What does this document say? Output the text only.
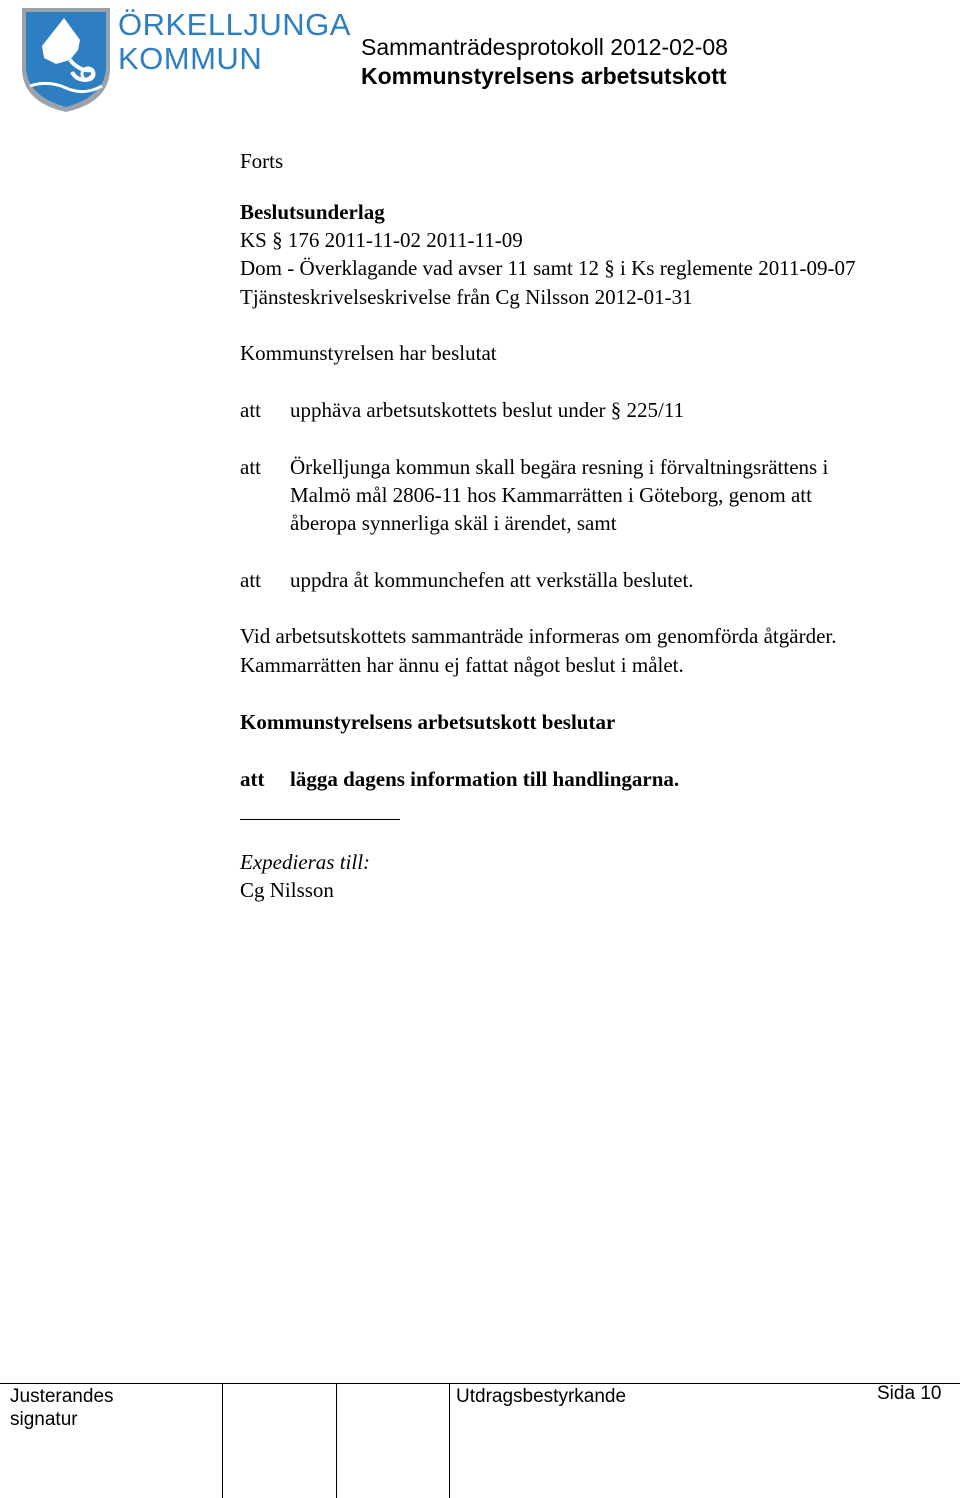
ÖRKELLJUNGA
KOMMUN	Sammanträdesprotokoll 2012-02-08
Kommunstyrelsens arbetsutskott
Forts
Beslutsunderlag
KS § 176 2011-11-02 2011-11-09
Dom - Överklagande vad avser 11 samt 12 § i Ks reglemente 2011-09-07
Tjänsteskrivelseskrivelse från Cg Nilsson 2012-01-31
Kommunstyrelsen har beslutat
att upphäva arbetsutskottets beslut under § 225/11
att Örkelljunga kommun skall begära resning i förvaltningsrättens i
Malmö mål 2806-11 hos Kammarrätten i Göteborg, genom att
åberopa synnerliga skäl i ärendet, samt
att uppdra åt kommunchefen att verkställa beslutet.
Vid arbetsutskottets sammanträde informeras om genomförda åtgärder.
Kammarrätten har ännu ej fattat något beslut i målet.
Kommunstyrelsens arbetsutskott beslutar
att lägga dagens information till handlingarna.
Expedieras till:
Cg Nilsson
Justerandes
signatur
Utdragsbestyrkande	Sida 10
